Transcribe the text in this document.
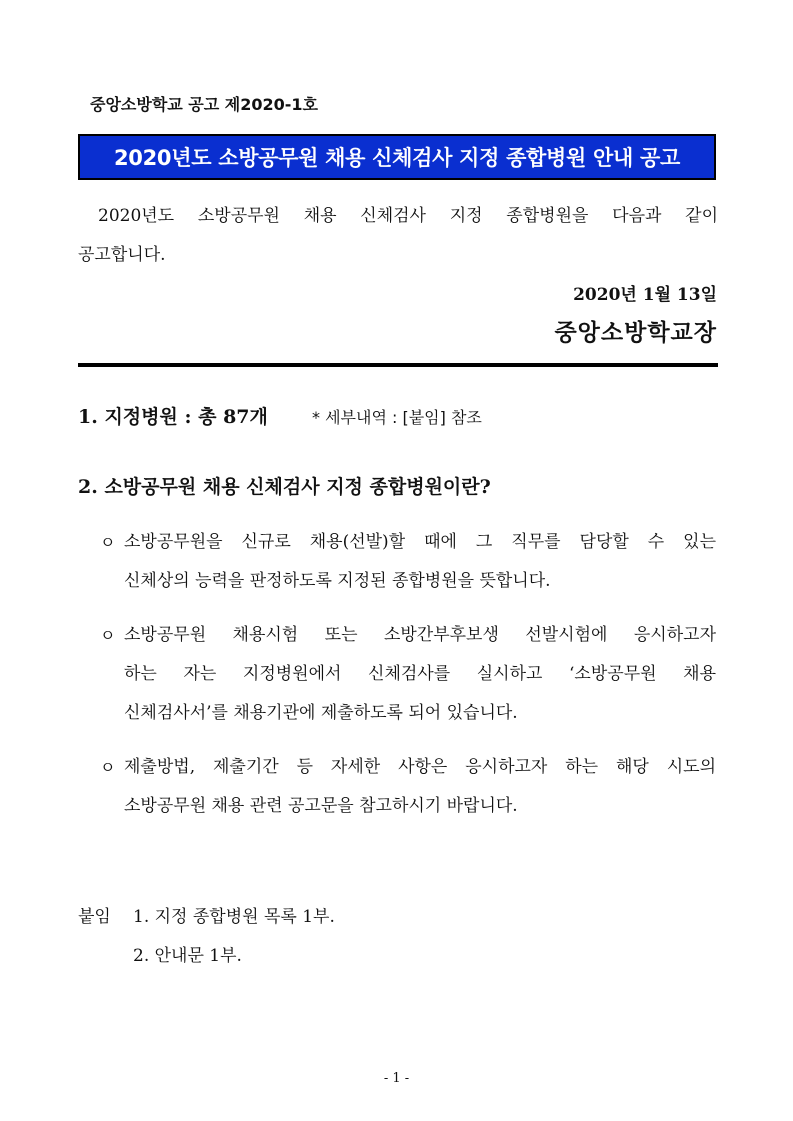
중앙소방학교 공고 제2020-1호
2020년도 소방공무원 채용 신체검사 지정 종합병원 안내 공고
2020년도 소방공무원 채용 신체검사 지정 종합병원을 다음과 같이
공고합니다.
2020년 1월 13일
중앙소방학교장
1. 지정병원 : 총 87개	* 세부내역 : [붙임] 참조
2. 소방공무원 채용 신체검사 지정 종합병원이란?
ㅇ 소방공무원을 신규로 채용(선발)할 때에 그 직무를 담당할 수 있는
신체상의 능력을 판정하도록 지정된 종합병원을 뜻합니다.
ㅇ 소방공무원 채용시험 또는 소방간부후보생 선발시험에 응시하고자
하는 자는 지정병원에서 신체검사를 실시하고 ‘소방공무원 채용
신체검사서’를 채용기관에 제출하도록 되어 있습니다.
ㅇ 제출방법, 제출기간 등 자세한 사항은 응시하고자 하는 해당 시도의
소방공무원 채용 관련 공고문을 참고하시기 바랍니다.
붙임 1. 지정 종합병원 목록 1부.
2. 안내문 1부.
- 1 -
